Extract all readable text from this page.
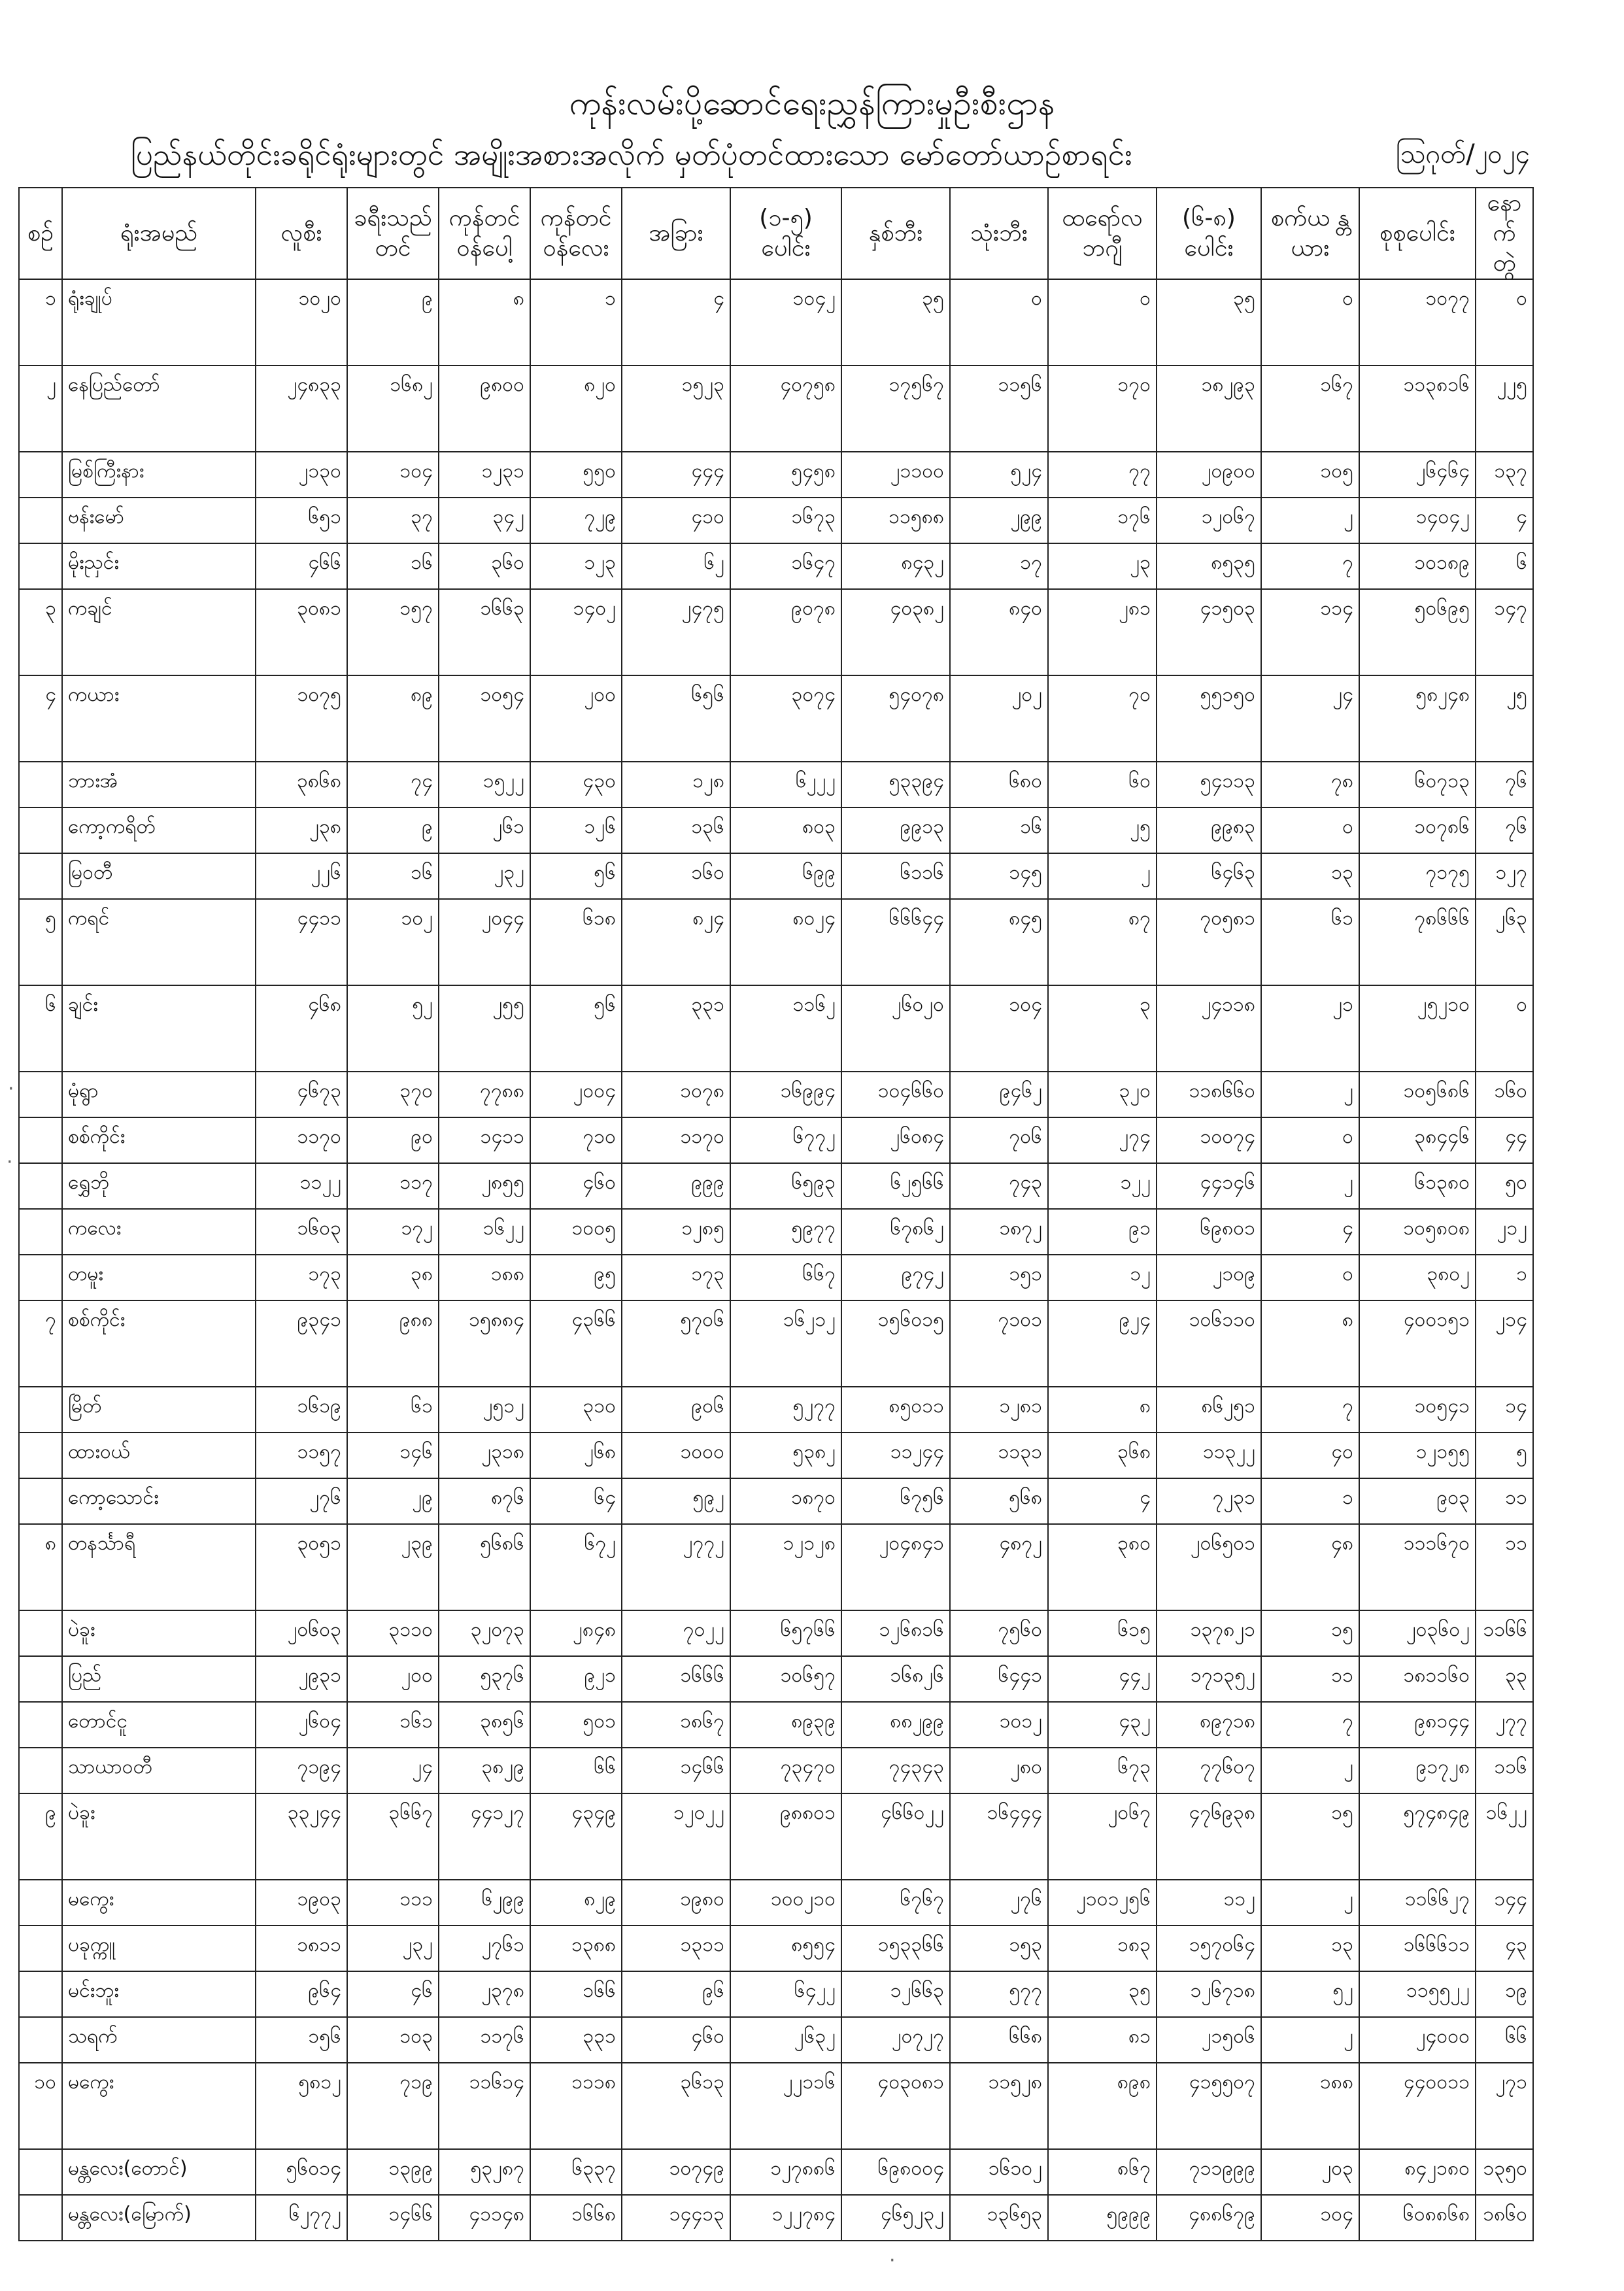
ကုန်းလမ်းပို့ဆောင်ရေးညွှန်ကြားမှုဦးစီးဌာန
ပြည်နယ်တိုင်းခရိုင်ရုံးများတွင် အမျိုးအစားအလိုက် မှတ်ပုံတင်ထားသော မော်တော်ယာဉ်စာရင်း	ဩဂုတ်/၂၀၂၄
စဉ်	ရုံးအမည်	လူစီး	ခရီးသည် တင်	ကုန်တင် ဝန်ပေါ့	ကုန်တင် ဝန်လေး	အခြား	(၁-၅) ပေါင်း	နှစ်ဘီး	သုံးဘီး	ထရော်လ ဘဂျီ	(၆-၈) ပေါင်း	စက်ယ န္တယား	စုစုပေါင်း	နော က်တွဲ
၁	ရုံးချုပ်	၁၀၂၀	၉	၈	၁	၄	၁၀၄၂	၃၅	၀	၀	၃၅	၀	၁၀၇၇	၀
၂	နေပြည်တော်	၂၄၈၃၃	၁၆၈၂	၉၈၀၀	၈၂၀	၁၅၂၃	၄၀၇၅၈	၁၇၅၆၇	၁၁၅၆	၁၇၀	၁၈၂၉၃	၁၆၇	၁၁၃၈၁၆	၂၂၅
	မြစ်ကြီးနား	၂၁၃၀	၁၀၄	၁၂၃၁	၅၅၀	၄၄၄	၅၄၅၈	၂၁၁၀၀	၅၂၄	၇၇	၂၀၉၀၀	၁၀၅	၂၆၄၆၄	၁၃၇
	ဗန်းမော်	၆၅၁	၃၇	၃၄၂	၇၂၉	၄၁၀	၁၆၇၃	၁၁၅၈၈	၂၉၉	၁၇၆	၁၂၀၆၇	၂	၁၄၀၄၂	၄
	မိုးညှင်း	၄၆၆	၁၆	၃၆၀	၁၂၃	၆၂	၁၆၄၇	၈၄၃၂	၁၇	၂၃	၈၅၃၅	၇	၁၀၁၈၉	၆
၃	ကချင်	၃၀၈၁	၁၅၇	၁၆၆၃	၁၄၀၂	၂၄၇၅	၉၀၇၈	၄၀၃၈၂	၈၄၀	၂၈၁	၄၁၅၀၃	၁၁၄	၅၀၆၉၅	၁၄၇
၄	ကယား	၁၀၇၅	၈၉	၁၀၅၄	၂၀၀	၆၅၆	၃၀၇၄	၅၄၀၇၈	၂၀၂	၇၀	၅၅၁၅၀	၂၄	၅၈၂၄၈	၂၅
	ဘားအံ	၃၈၆၈	၇၄	၁၅၂၂	၄၃၀	၁၂၈	၆၂၂၂	၅၃၃၉၄	၆၈၀	၆၀	၅၄၁၁၃	၇၈	၆၀၇၁၃	၇၆
	ကော့ကရိတ်	၂၃၈	၉	၂၆၁	၁၂၆	၁၃၆	၈၀၃	၉၉၁၃	၁၆	၂၅	၉၉၈၃	၀	၁၀၇၈၆	၇၆
	မြဝတီ	၂၂၆	၁၆	၂၃၂	၅၆	၁၆၀	၆၉၉	၆၁၁၆	၁၄၅	၂	၆၄၆၃	၁၃	၇၁၇၅	၁၂၇
၅	ကရင်	၄၄၁၁	၁၀၂	၂၀၄၄	၆၁၈	၈၂၄	၈၀၂၄	၆၆၆၄၄	၈၄၅	၈၇	၇၀၅၈၁	၆၁	၇၈၆၆၆	၂၆၃
၆	ချင်း	၄၆၈	၅၂	၂၅၅	၅၆	၃၃၁	၁၁၆၂	၂၆၀၂၀	၁၀၄	၃	၂၄၁၁၈	၂၁	၂၅၂၁၀	၀
	မုံရွာ	၄၆၇၃	၃၇၀	၇၇၈၈	၂၀၀၄	၁၀၇၈	၁၆၉၉၄	၁၀၄၆၆၀	၉၄၆၂	၃၂၀	၁၁၈၆၆၀	၂	၁၀၅၆၈၆	၁၆၀
	စစ်ကိုင်း	၁၁၇၀	၉၀	၁၄၁၁	၇၁၀	၁၁၇၀	၆၇၇၂	၂၆၀၈၄	၇၀၆	၂၇၄	၁၀၀၇၄	၀	၃၈၄၄၆	၄၄
	ရွှေဘို	၁၁၂၂	၁၁၇	၂၈၅၅	၄၆၀	၉၉၉	၆၅၉၃	၆၂၅၆၆	၇၄၃	၁၂၂	၄၄၁၄၆	၂	၆၁၃၈၀	၅၀
	ကလေး	၁၆၀၃	၁၇၂	၁၆၂၂	၁၀၀၅	၁၂၈၅	၅၉၇၇	၆၇၈၆၂	၁၈၇၂	၉၁	၆၉၈၀၁	၄	၁၀၅၈၀၈	၂၁၂
	တမူး	၁၇၃	၃၈	၁၈၈	၉၅	၁၇၃	၆၆၇	၉၇၄၂	၁၅၁	၁၂	၂၁၀၉	၀	၃၈၀၂	၁
၇	စစ်ကိုင်း	၉၃၄၁	၉၈၈	၁၅၈၈၄	၄၃၆၆	၅၇၀၆	၁၆၂၁၂	၁၅၆၀၁၅	၇၁၀၁	၉၂၄	၁၀၆၁၁၀	၈	၄၀၀၁၅၁	၂၁၄
	မြိတ်	၁၆၁၉	၆၁	၂၅၁၂	၃၁၀	၉၀၆	၅၂၇၇	၈၅၀၁၁	၁၂၈၁	၈	၈၆၂၅၁	၇	၁၀၅၄၁	၁၄
	ထားဝယ်	၁၁၅၇	၁၄၆	၂၃၁၈	၂၆၈	၁၀၀၀	၅၃၈၂	၁၁၂၄၄	၁၁၃၁	၃၆၈	၁၁၃၂၂	၄၀	၁၂၁၅၅	၅
	ကော့သောင်း	၂၇၆	၂၉	၈၇၆	၆၄	၅၉၂	၁၈၇၀	၆၇၅၆	၅၆၈	၄	၇၂၃၁	၁	၉၀၃	၁၁
၈	တနင်္သာရီ	၃၀၅၁	၂၃၉	၅၆၈၆	၆၇၂	၂၇၇၂	၁၂၁၂၈	၂၀၄၈၄၁	၄၈၇၂	၃၈၀	၂၀၆၅၀၁	၄၈	၁၁၁၆၇၀	၁၁
	ပဲခူး	၂၀၆၀၃	၃၁၁၀	၃၂၀၇၃	၂၈၄၈	၇၀၂၂	၆၅၇၆၆	၁၂၆၈၁၆	၇၅၆၀	၆၁၅	၁၃၇၈၂၁	၁၅	၂၀၃၆၀၂	၁၁၆၆
	ပြည်	၂၉၃၁	၂၀၀	၅၃၇၆	၉၂၁	၁၆၆၆	၁၀၆၅၇	၁၆၈၂၆	၆၄၄၁	၄၄၂	၁၇၁၃၅၂	၁၁	၁၈၁၁၆၀	၃၃
	တောင်ငူ	၂၆၀၄	၁၆၁	၃၈၅၆	၅၀၁	၁၈၆၇	၈၉၃၉	၈၈၂၉၉	၁၀၁၂	၄၃၂	၈၉၇၁၈	၇	၉၈၁၄၄	၂၇၇
	သာယာဝတီ	၇၁၉၄	၂၄	၃၈၂၉	၆၆	၁၄၆၆	၇၃၄၇၀	၇၄၃၄၃	၂၈၀	၆၇၃	၇၇၆၀၇	၂	၉၁၇၂၈	၁၁၆
၉	ပဲခူး	၃၃၂၄၄	၃၆၆၇	၄၄၁၂၇	၄၃၄၉	၁၂၀၂၂	၉၈၈၀၁	၄၆၆၀၂၂	၁၆၄၄၄	၂၀၆၇	၄၇၆၉၃၈	၁၅	၅၇၄၈၄၉	၁၆၂၂
	မကွေး	၁၉၀၃	၁၁၁	၆၂၉၉	၈၂၉	၁၉၈၀	၁၀၀၂၁၀	၆၇၆၇	၂၇၆	၂၁၀၁၂၅၆	၁၁၂	၂	၁၁၆၆၂၇	၁၄၄
	ပခုက္ကူ	၁၈၁၁	၂၃၂	၂၇၆၁	၁၃၈၈	၁၃၁၁	၈၅၅၄	၁၅၃၃၆၆	၁၅၃	၁၈၃	၁၅၇၀၆၄	၁၃	၁၆၆၆၁၁	၄၃
	မင်းဘူး	၉၆၄	၄၆	၂၃၇၈	၁၆၆	၉၆	၆၄၂၂	၁၂၆၆၃	၅၇၇	၃၅	၁၂၆၇၁၈	၅၂	၁၁၅၅၂၂	၁၉
	သရက်	၁၅၆	၁၀၃	၁၁၇၆	၃၃၁	၄၆၀	၂၆၃၂	၂၀၇၂၇	၆၆၈	၈၁	၂၁၅၀၆	၂	၂၄၀၀၀	၆၆
၁၀	မကွေး	၅၈၁၂	၇၁၉	၁၁၆၁၄	၁၁၁၈	၃၆၁၃	၂၂၁၁၆	၄၀၃၀၈၁	၁၁၅၂၈	၈၉၈	၄၁၅၅၀၇	၁၈၈	၄၄၀၀၁၁	၂၇၁
	မန္တလေး(တောင်)	၅၆၀၁၄	၁၃၉၉	၅၃၂၈၇	၆၃၃၇	၁၀၇၄၉	၁၂၇၈၈၆	၆၉၈၀၀၄	၁၆၁၀၂	၈၆၇	၇၁၁၉၉၉	၂၀၃	၈၄၂၁၈၀	၁၃၅၀
	မန္တလေး(မြောက်)	၆၂၇၇၂	၁၄၆၆	၄၁၁၄၈	၁၆၆၈	၁၄၄၁၃	၁၂၂၇၈၄	၄၆၅၂၃၂	၁၃၆၅၃	၅၉၉၉	၄၈၈၆၇၉	၁၀၄	၆၀၈၈၆၈	၁၈၆၀
·
·
·
